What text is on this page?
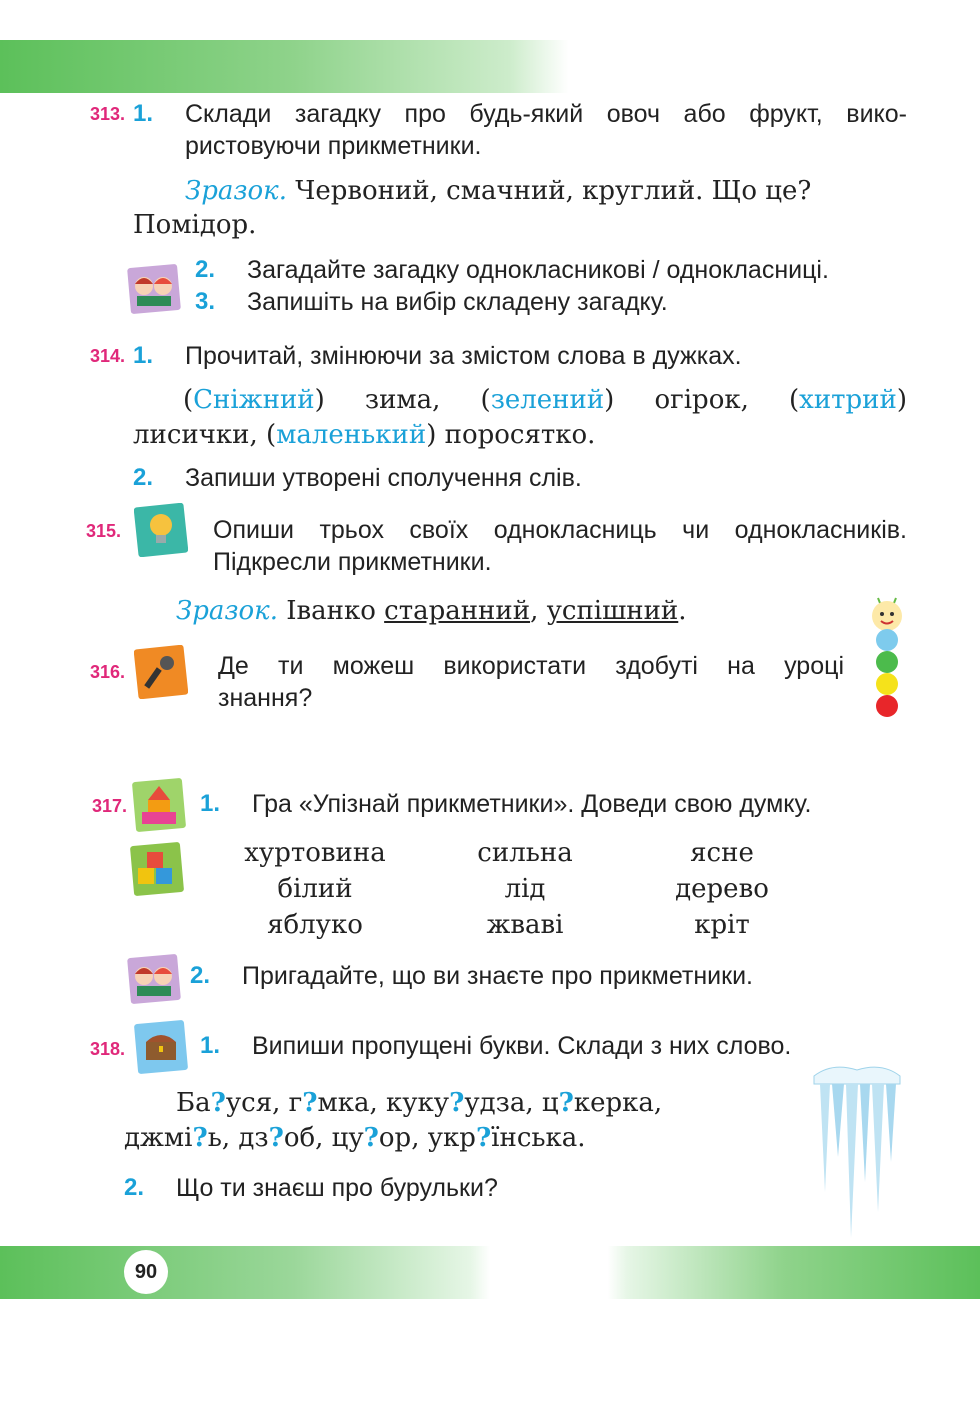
313. 1. Склади загадку про будь-який овоч або фрукт, вико-
ристовуючи прикметники.
Зразок. Червоний, смачний, круглий. Що це?
Помідор.
2. Загадайте загадку однокласникові / однокласниці.
3. Запишіть на вибір складену загадку.
314. 1. Прочитай, змінюючи за змістом слова в дужках.
(Сніжний) зима, (зелений) огірок, (хитрий)
лисички, (маленький) поросятко.
2. Запиши утворені сполучення слів.
315.	Опиши трьох своїх однокласниць чи однокласників.
Підкресли прикметники.
Зразок. Іванко старанний, успішний.
316.	Де ти можеш використати здобуті на уроці
знання?
317.	1. Гра «Упізнай прикметники». Доведи свою думку.
хуртовина	сильна	ясне
білий	лід	дерево
яблуко	жваві	кріт
2. Пригадайте, що ви знаєте про прикметники.
318.	1. Випиши пропущені букви. Склади з них слово.
Ба?уся, г?мка, куку?удза, ц?керка,
джмі?ь, дз?об, цу?ор, укр?їнська.
2. Що ти знаєш про бурульки?
90
